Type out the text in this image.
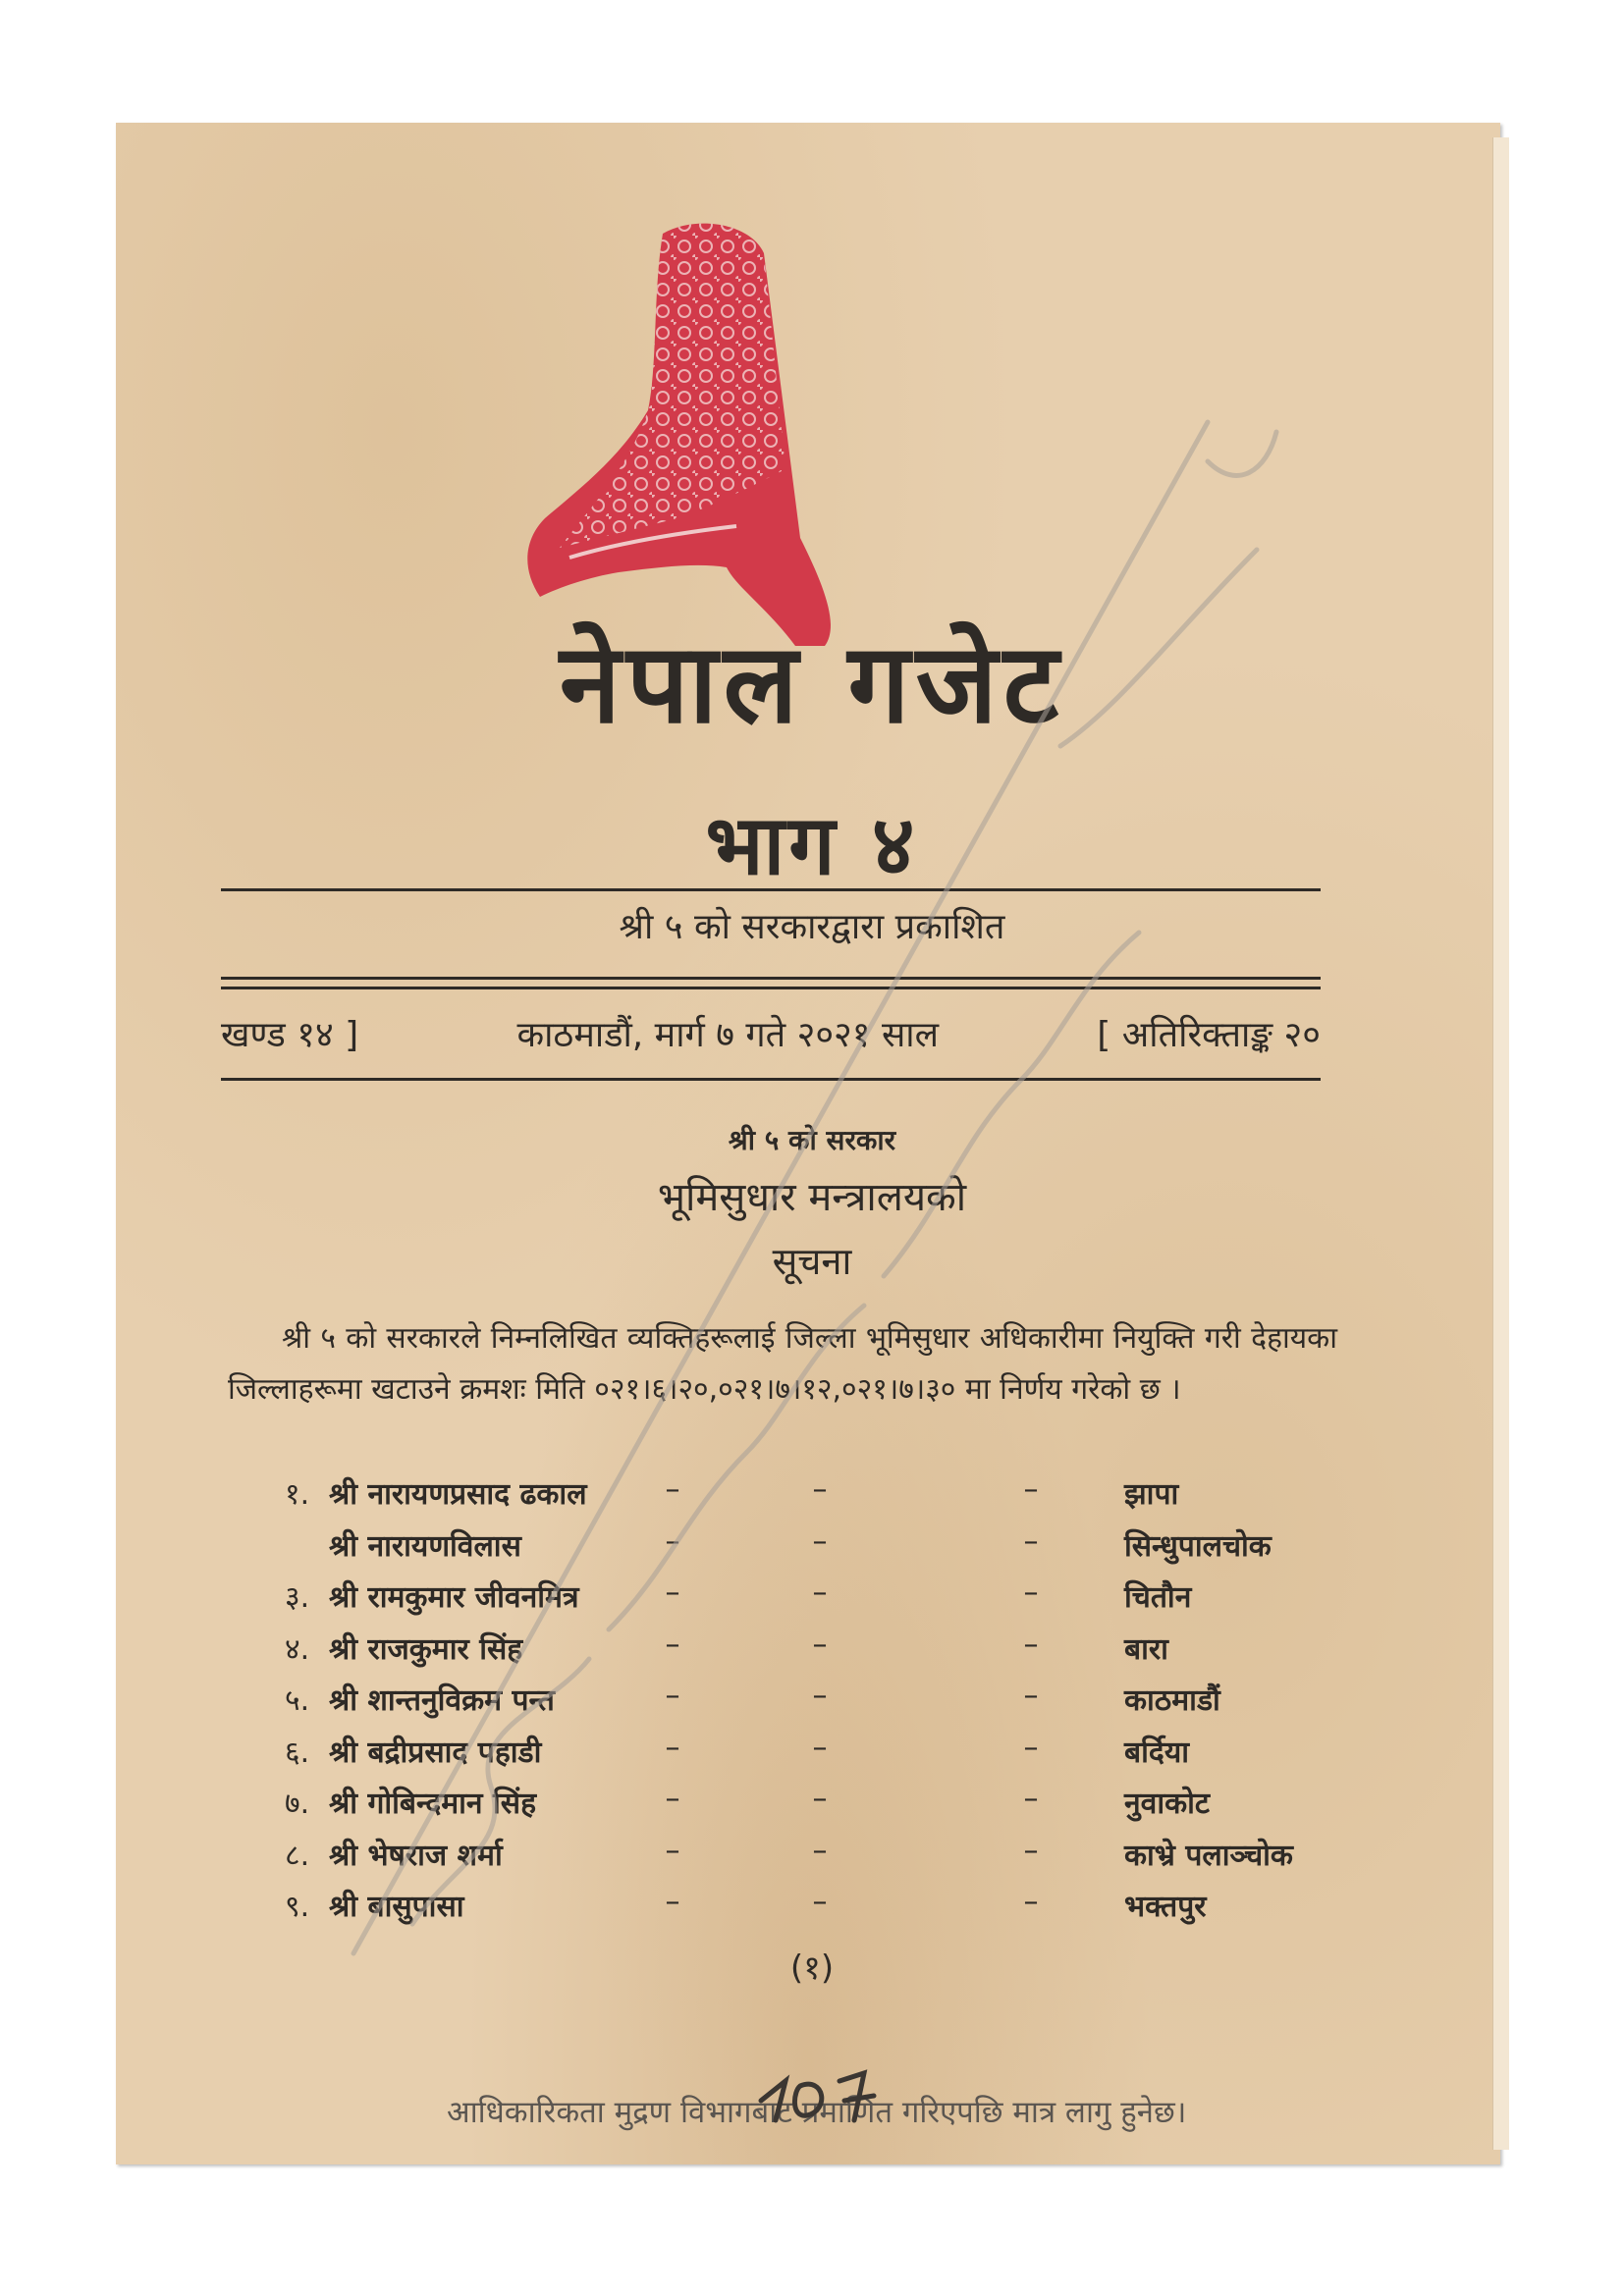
नेपाल गजेट
भाग ४
श्री ५ को सरकारद्वारा प्रकाशित
खण्ड १४ ]	काठमाडौं, मार्ग ७ गते २०२१ साल	[ अतिरिक्ताङ्क २०
श्री ५ को सरकार
भूमिसुधार मन्त्रालयको
सूचना
श्री ५ को सरकारले निम्नलिखित व्यक्तिहरूलाई जिल्ला भूमिसुधार अधिकारीमा नियुक्ति गरी देहायका जिल्लाहरूमा खटाउने क्रमशः मिति ०२१।६।२०,०२१।७।१२,०२१।७।३० मा निर्णय गरेको छ ।
१. श्री नारायणप्रसाद ढकाल	–	–	–	झापा
श्री नारायणविलास	–	–	–	सिन्धुपालचोक
३. श्री रामकुमार जीवनमित्र	–	–	–	चितौन
४. श्री राजकुमार सिंह	–	–	–	बारा
५. श्री शान्तनुविक्रम पन्त	–	–	–	काठमाडौं
६. श्री बद्रीप्रसाद पहाडी	–	–	–	बर्दिया
७. श्री गोबिन्दमान सिंह	–	–	–	नुवाकोट
८. श्री भेषराज शर्मा	–	–	–	काभ्रे पलाञ्चोक
९. श्री बासुपासा	–	–	–	भक्तपुर
(१)
आधिकारिकता मुद्रण विभागबाट प्रमाणित गरिएपछि मात्र लागु हुनेछ।
